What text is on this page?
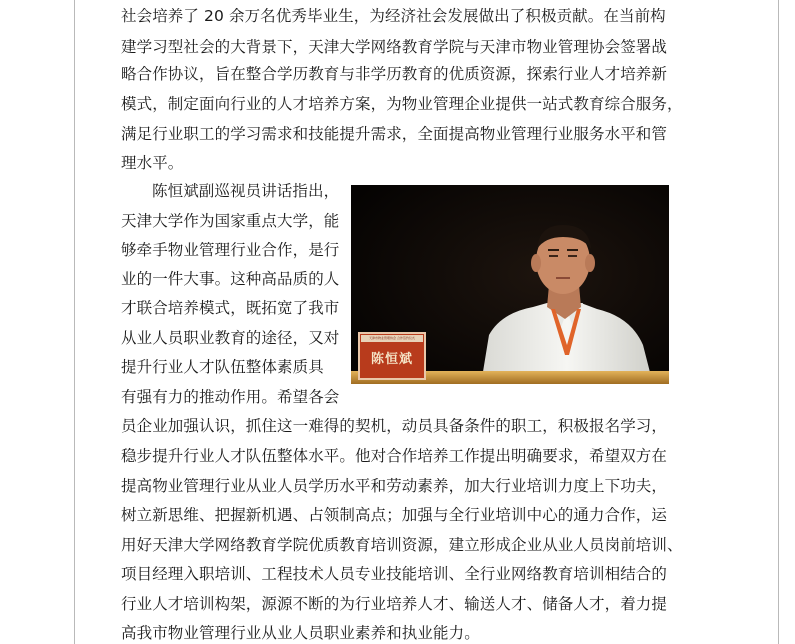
社会培养了 20 余万名优秀毕业生，为经济社会发展做出了积极贡献。在当前构
建学习型社会的大背景下，天津大学网络教育学院与天津市物业管理协会签署战
略合作协议，旨在整合学历教育与非学历教育的优质资源，探索行业人才培养新
模式，制定面向行业的人才培养方案，为物业管理企业提供一站式教育综合服务，
满足行业职工的学习需求和技能提升需求，全面提高物业管理行业服务水平和管
理水平。
陈恒斌副巡视员讲话指出，
天津大学作为国家重点大学，能
够牵手物业管理行业合作，是行
业的一件大事。这种高品质的人
才联合培养模式，既拓宽了我市
从业人员职业教育的途径，又对
提升行业人才队伍整体素质具
有强有力的推动作用。希望各会
员企业加强认识，抓住这一难得的契机，动员具备条件的职工，积极报名学习，
稳步提升行业人才队伍整体水平。他对合作培养工作提出明确要求，希望双方在
提高物业管理行业从业人员学历水平和劳动素养，加大行业培训力度上下功夫，
树立新思维、把握新机遇、占领制高点；加强与全行业培训中心的通力合作，运
用好天津大学网络教育学院优质教育培训资源，建立形成企业从业人员岗前培训、
项目经理入职培训、工程技术人员专业技能培训、全行业网络教育培训相结合的
行业人才培训构架，源源不断的为行业培养人才、输送人才、储备人才，着力提
高我市物业管理行业从业人员职业素养和执业能力。
天津市物业管理协会 合作签约仪式
陈恒斌
